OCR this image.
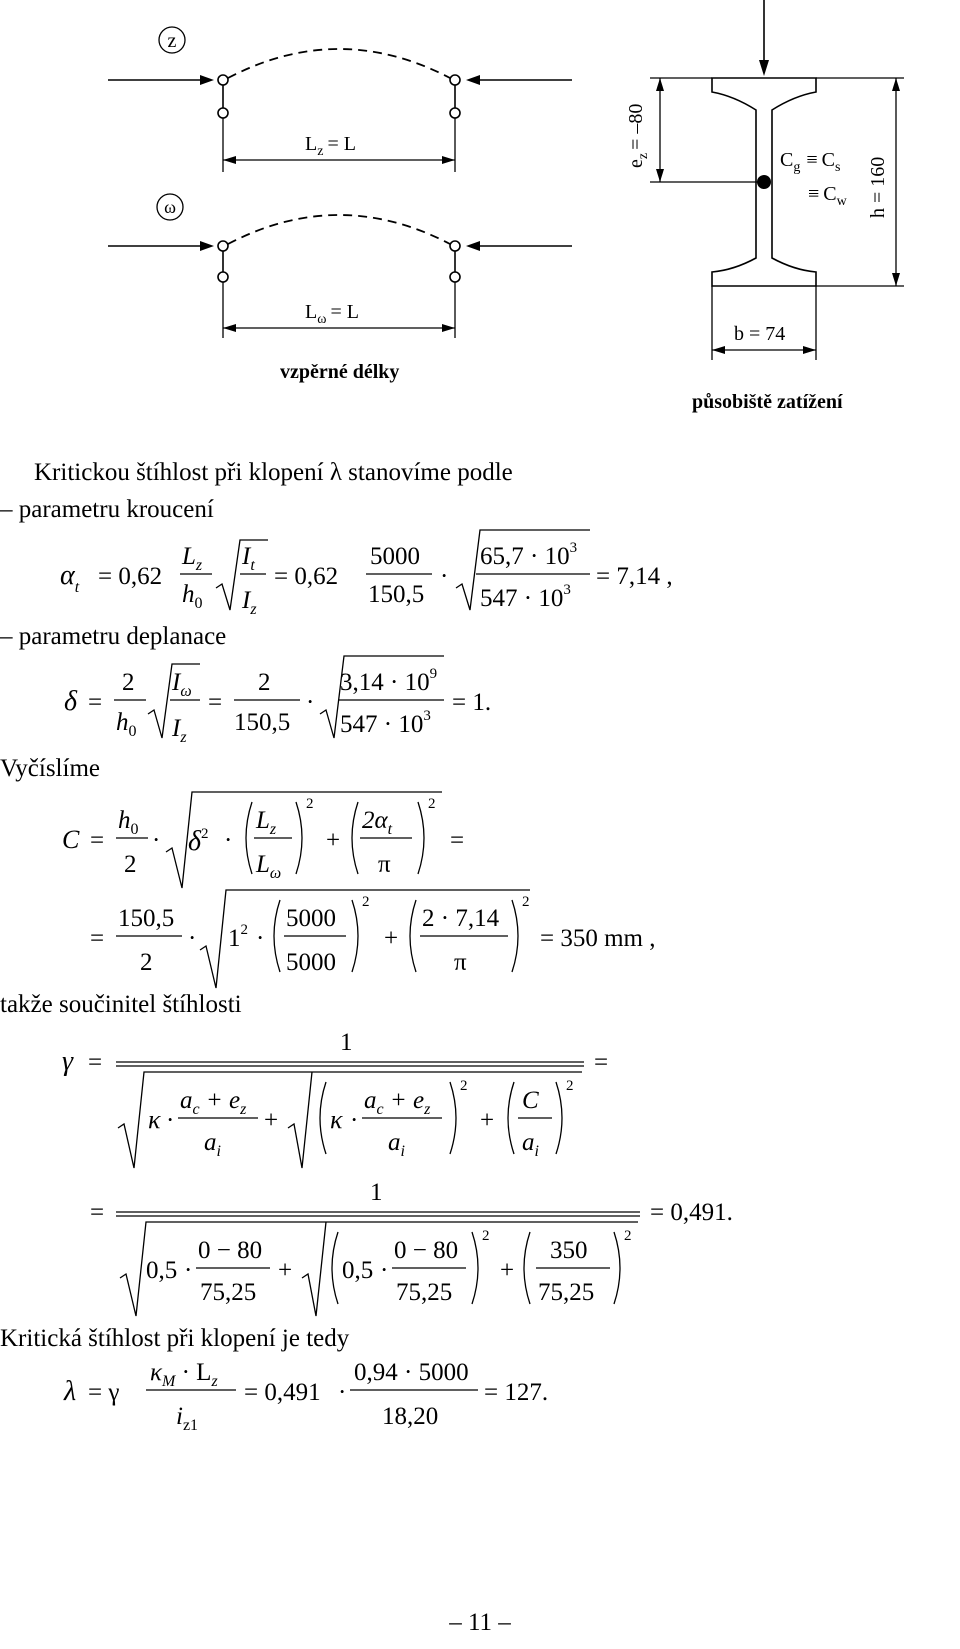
z
$L_z = L$
ω
$L_\omega = L$
vzpěrné délky
$e_z= -80$
h = 160
b = 74
$C_g \equiv C_s$
≡ $C_w$
působiště zatížení
Kritickou štíhlost při klopení λ stanovíme podle
– parametru kroucení
$\alpha_t = 0,62$
$L_z$
$h_0$
$I_t$
$I_z$
= 0,62
5000
150,5
·
$65,7 \cdot 10^3$
$547 \cdot 10^3 = 7,14$ ,
– parametru deplanace
δ =
2
$h_0$
$I_\omega$
$I_z$
=
2
150,5
·
$3,14 \cdot 10^9$
$547 \cdot 10^3 = 1$.
Vyčíslíme
C =
$h_0$
2
· $\delta^2$ ·
$L_z$
$L_\omega$
2
+
$2\alpha_t$
π
2
=
=
150,5
2
· $1^2$ ·
5000
5000
2
+
2 · 7,14
π
2
= 350 mm ,
takže součinitel štíhlosti
γ =
1
=
κ ·
$a_c + e_z$
$a_i$
+ κ ·
$a_c + e_z$
$a_i$
2
+
C
$a_i$
2
=
1
= 0,491.
0,5 ·
0 − 80
75,25
+ 0,5 ·
0 − 80
75,25
2
+
350
75,25
2
Kritická štíhlost při klopení je tedy
λ = γ
$\kappa_M \cdot L_z$
$i_{z1}$
= 0,491 ·
0,94 · 5000
18,20
= 127.
– 11 –
